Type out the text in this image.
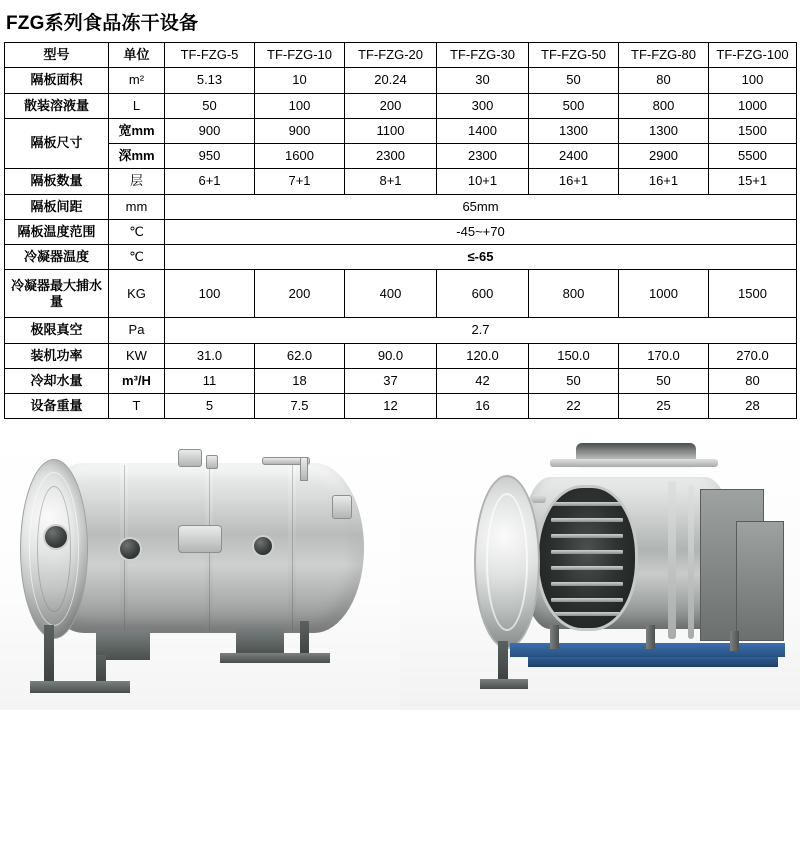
FZG系列食品冻干设备
型号	单位	TF-FZG-5	TF-FZG-10	TF-FZG-20	TF-FZG-30	TF-FZG-50	TF-FZG-80	TF-FZG-100
隔板面积	m²	5.13	10	20.24	30	50	80	100
散装溶液量	L	50	100	200	300	500	800	1000
隔板尺寸	宽mm	900	900	1100	1400	1300	1300	1500
	深mm	950	1600	2300	2300	2400	2900	5500
隔板数量	层	6+1	7+1	8+1	10+1	16+1	16+1	15+1
隔板间距	mm	65mm						
隔板温度范围	℃	-45~+70						
冷凝器温度	℃	≤-65						
冷凝器最大捕水量	KG	100	200	400	600	800	1000	1500
极限真空	Pa	2.7						
装机功率	KW	31.0	62.0	90.0	120.0	150.0	170.0	270.0
冷却水量	m³/H	11	18	37	42	50	50	80
设备重量	T	5	7.5	12	16	22	25	28
